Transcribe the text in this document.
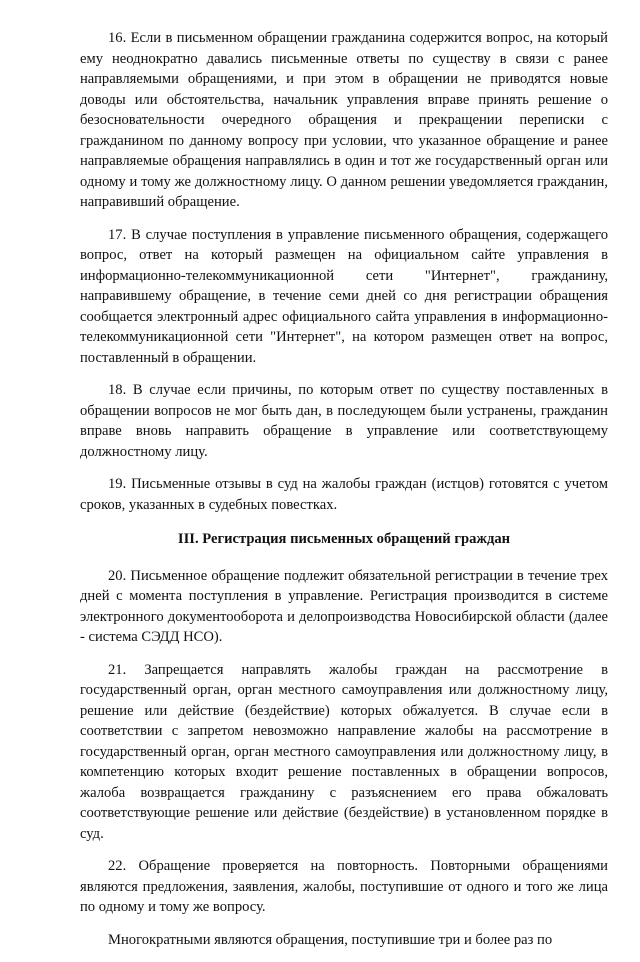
16. Если в письменном обращении гражданина содержится вопрос, на который ему неоднократно давались письменные ответы по существу в связи с ранее направляемыми обращениями, и при этом в обращении не приводятся новые доводы или обстоятельства, начальник управления вправе принять решение о безосновательности очередного обращения и прекращении переписки с гражданином по данному вопросу при условии, что указанное обращение и ранее направляемые обращения направлялись в один и тот же государственный орган или одному и тому же должностному лицу. О данном решении уведомляется гражданин, направивший обращение.

17. В случае поступления в управление письменного обращения, содержащего вопрос, ответ на который размещен на официальном сайте управления в информационно-телекоммуникационной сети "Интернет", гражданину, направившему обращение, в течение семи дней со дня регистрации обращения сообщается электронный адрес официального сайта управления в информационно-телекоммуникационной сети "Интернет", на котором размещен ответ на вопрос, поставленный в обращении.

18. В случае если причины, по которым ответ по существу поставленных в обращении вопросов не мог быть дан, в последующем были устранены, гражданин вправе вновь направить обращение в управление или соответствующему должностному лицу.

19. Письменные отзывы в суд на жалобы граждан (истцов) готовятся с учетом сроков, указанных в судебных повестках.

III. Регистрация письменных обращений граждан

20. Письменное обращение подлежит обязательной регистрации в течение трех дней с момента поступления в управление. Регистрация производится в системе электронного документооборота и делопроизводства Новосибирской области (далее - система СЭДД НСО).

21. Запрещается направлять жалобы граждан на рассмотрение в государственный орган, орган местного самоуправления или должностному лицу, решение или действие (бездействие) которых обжалуется. В случае если в соответствии с запретом невозможно направление жалобы на рассмотрение в государственный орган, орган местного самоуправления или должностному лицу, в компетенцию которых входит решение поставленных в обращении вопросов, жалоба возвращается гражданину с разъяснением его права обжаловать соответствующие решение или действие (бездействие) в установленном порядке в суд.

22. Обращение проверяется на повторность. Повторными обращениями являются предложения, заявления, жалобы, поступившие от одного и того же лица по одному и тому же вопросу.

Многократными являются обращения, поступившие три и более раз по
